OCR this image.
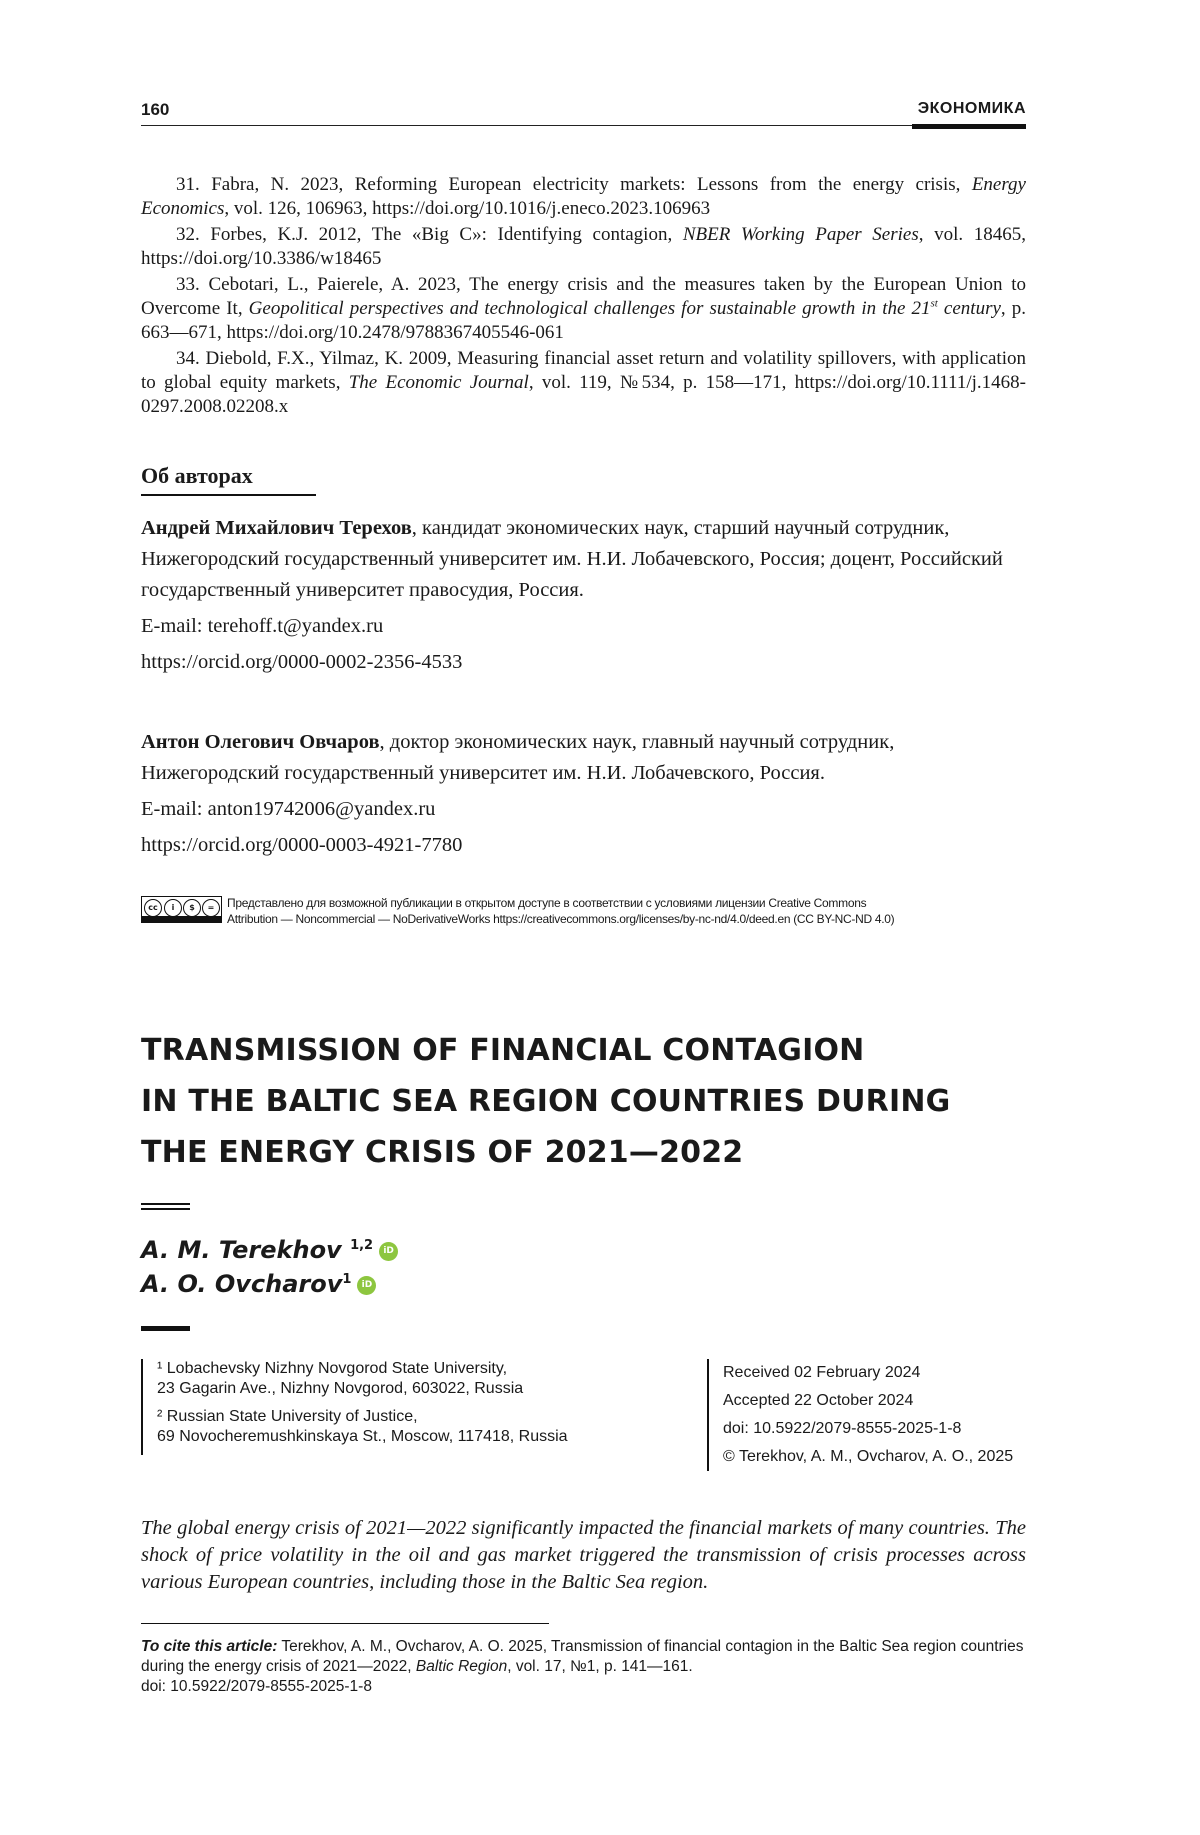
160	ЭКОНОМИКА

31. Fabra, N. 2023, Reforming European electricity markets: Lessons from the energy crisis, Energy Economics, vol. 126, 106963, https://doi.org/10.1016/j.eneco.2023.106963

32. Forbes, K.J. 2012, The «Big C»: Identifying contagion, NBER Working Paper Series, vol. 18465, https://doi.org/10.3386/w18465

33. Cebotari, L., Paierele, A. 2023, The energy crisis and the measures taken by the European Union to Overcome It, Geopolitical perspectives and technological challenges for sustainable growth in the 21st century, p. 663—671, https://doi.org/10.2478/9788367405546-061

34. Diebold, F.X., Yilmaz, K. 2009, Measuring financial asset return and volatility spillovers, with application to global equity markets, The Economic Journal, vol. 119, №534, p. 158—171, https://doi.org/10.1111/j.1468-0297.2008.02208.x

Об авторах

Андрей Михайлович Терехов, кандидат экономических наук, старший научный сотрудник, Нижегородский государственный университет им. Н.И. Лобачевского, Россия; доцент, Российский государственный университет правосудия, Россия.

E-mail: terehoff.t@yandex.ru

https://orcid.org/0000-0002-2356-4533

Антон Олегович Овчаров, доктор экономических наук, главный научный сотрудник, Нижегородский государственный университет им. Н.И. Лобачевского, Россия.

E-mail: anton19742006@yandex.ru

https://orcid.org/0000-0003-4921-7780

cc	i	$	=	Представлено для возможной публикации в открытом доступе в соответствии с условиями лицензии Creative Commons
Attribution — Noncommercial — NoDerivativeWorks https://creativecommons.org/licenses/by-nc-nd/4.0/deed.en (CC BY-NC-ND 4.0)
TRANSMISSION OF FINANCIAL CONTAGION
IN THE BALTIC SEA REGION COUNTRIES DURING
THE ENERGY CRISIS OF 2021—2022
A. M. Terekhov $^{1,2}$ iD
A. O. Ovcharov$^1$ iD

¹ Lobachevsky Nizhny Novgorod State University,
23 Gagarin Ave., Nizhny Novgorod, 603022, Russia

² Russian State University of Justice,
69 Novocheremushkinskaya St., Moscow, 117418, Russia

Received 02 February 2024

Accepted 22 October 2024

doi: 10.5922/2079-8555-2025-1-8

© Terekhov, A. M., Ovcharov, A. O., 2025

The global energy crisis of 2021—2022 significantly impacted the financial markets of many countries. The shock of price volatility in the oil and gas market triggered the transmission of crisis processes across various European countries, including those in the Baltic Sea region.
To cite this article: Terekhov, A. M., Ovcharov, A. O. 2025, Transmission of financial contagion in the Baltic Sea region countries during the energy crisis of 2021—2022, Baltic Region, vol. 17, №1, p. 141—161.
doi: 10.5922/2079-8555-2025-1-8
